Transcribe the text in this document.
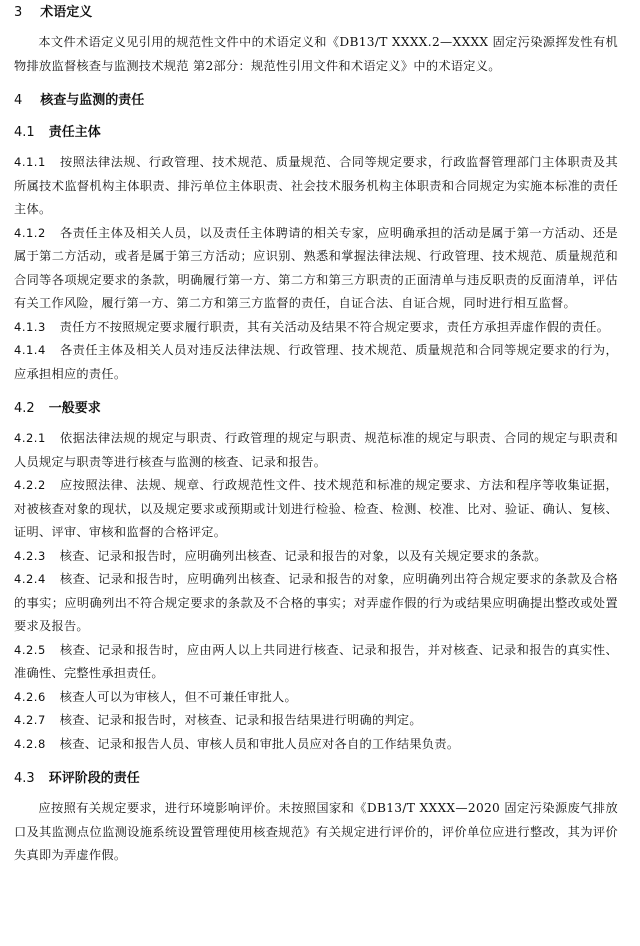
3 术语定义

本文件术语定义见引用的规范性文件中的术语定义和《DB13/T XXXX.2—XXXX 固定污染源挥发性有机物排放监督核查与监测技术规范 第2部分：规范性引用文件和术语定义》中的术语定义。

4 核查与监测的责任
4.1 责任主体

4.1.1 按照法律法规、行政管理、技术规范、质量规范、合同等规定要求，行政监督管理部门主体职责及其所属技术监督机构主体职责、排污单位主体职责、社会技术服务机构主体职责和合同规定为实施本标准的责任主体。

4.1.2 各责任主体及相关人员，以及责任主体聘请的相关专家，应明确承担的活动是属于第一方活动、还是属于第二方活动，或者是属于第三方活动；应识别、熟悉和掌握法律法规、行政管理、技术规范、质量规范和合同等各项规定要求的条款，明确履行第一方、第二方和第三方职责的正面清单与违反职责的反面清单，评估有关工作风险，履行第一方、第二方和第三方监督的责任，自证合法、自证合规，同时进行相互监督。

4.1.3 责任方不按照规定要求履行职责，其有关活动及结果不符合规定要求，责任方承担弄虚作假的责任。

4.1.4 各责任主体及相关人员对违反法律法规、行政管理、技术规范、质量规范和合同等规定要求的行为，应承担相应的责任。

4.2 一般要求

4.2.1 依据法律法规的规定与职责、行政管理的规定与职责、规范标准的规定与职责、合同的规定与职责和人员规定与职责等进行核查与监测的核查、记录和报告。

4.2.2 应按照法律、法规、规章、行政规范性文件、技术规范和标准的规定要求、方法和程序等收集证据，对被核查对象的现状，以及规定要求或预期或计划进行检验、检查、检测、校准、比对、验证、确认、复核、证明、评审、审核和监督的合格评定。

4.2.3 核查、记录和报告时，应明确列出核查、记录和报告的对象，以及有关规定要求的条款。

4.2.4 核查、记录和报告时，应明确列出核查、记录和报告的对象，应明确列出符合规定要求的条款及合格的事实；应明确列出不符合规定要求的条款及不合格的事实；对弄虚作假的行为或结果应明确提出整改或处置要求及报告。

4.2.5 核查、记录和报告时，应由两人以上共同进行核查、记录和报告，并对核查、记录和报告的真实性、准确性、完整性承担责任。

4.2.6 核查人可以为审核人，但不可兼任审批人。

4.2.7 核查、记录和报告时，对核查、记录和报告结果进行明确的判定。

4.2.8 核查、记录和报告人员、审核人员和审批人员应对各自的工作结果负责。

4.3 环评阶段的责任

应按照有关规定要求，进行环境影响评价。未按照国家和《DB13/T XXXX—2020 固定污染源废气排放口及其监测点位监测设施系统设置管理使用核查规范》有关规定进行评价的，评价单位应进行整改，其为评价失真即为弄虚作假。
